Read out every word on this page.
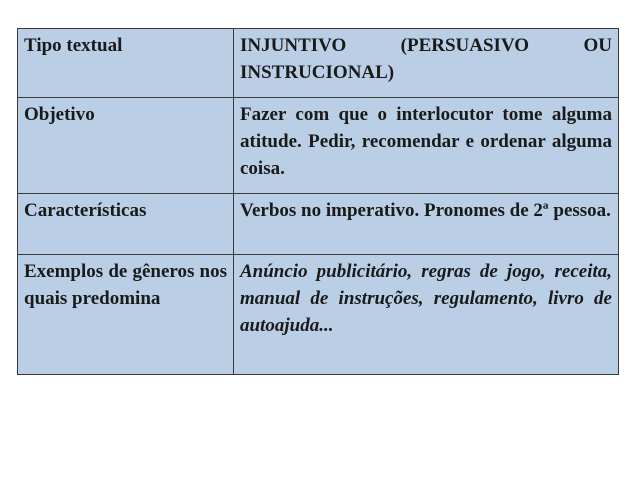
Tipo textual	INJUNTIVO (PERSUASIVO OU INSTRUCIONAL)
Objetivo	Fazer com que o interlocutor tome alguma atitude. Pedir, recomendar e ordenar alguma coisa.
Características	Verbos no imperativo. Pronomes de 2ª pessoa.
Exemplos de gêneros nos quais predomina	Anúncio publicitário, regras de jogo, receita, manual de instruções, regulamento, livro de autoajuda...
